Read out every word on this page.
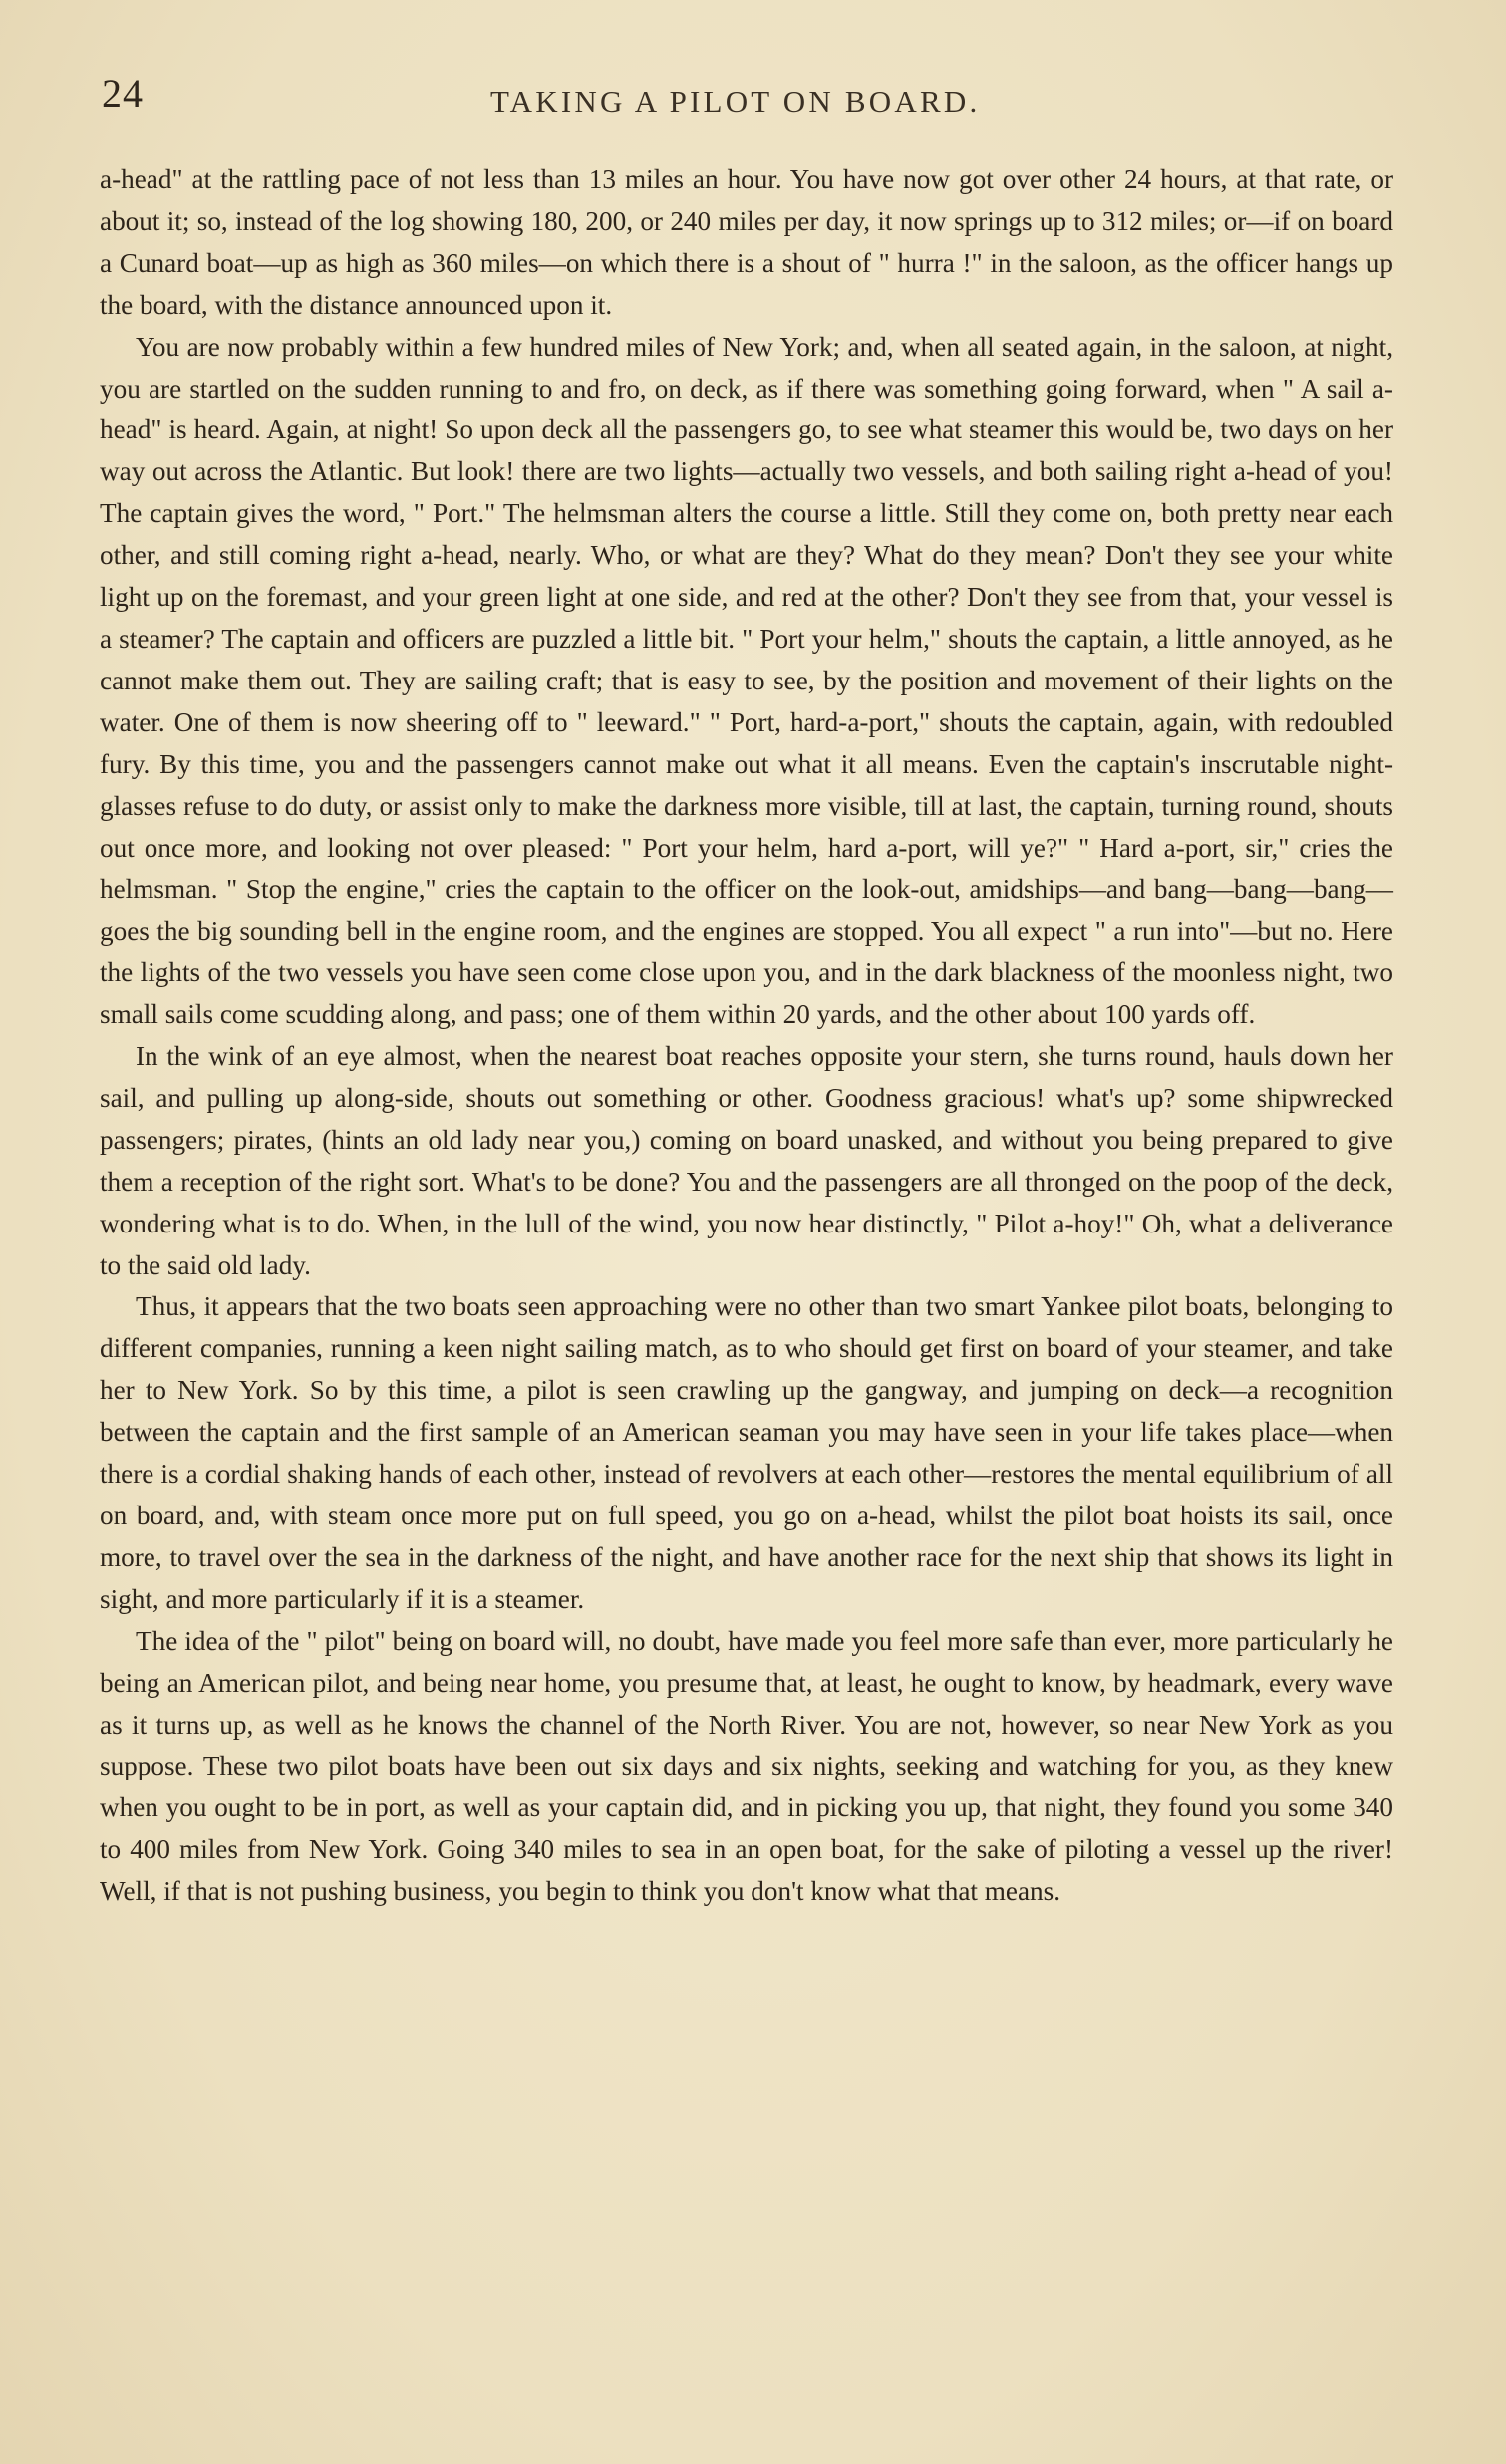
24	TAKING A PILOT ON BOARD.

a-head" at the rattling pace of not less than 13 miles an hour. You have now got over other 24 hours, at that rate, or about it; so, instead of the log showing 180, 200, or 240 miles per day, it now springs up to 312 miles; or—if on board a Cunard boat—up as high as 360 miles—on which there is a shout of " hurra !" in the saloon, as the officer hangs up the board, with the distance announced upon it.

You are now probably within a few hundred miles of New York; and, when all seated again, in the saloon, at night, you are startled on the sudden running to and fro, on deck, as if there was something going forward, when " A sail a-head" is heard. Again, at night! So upon deck all the passengers go, to see what steamer this would be, two days on her way out across the Atlantic. But look! there are two lights—actually two vessels, and both sailing right a-head of you! The captain gives the word, " Port." The helmsman alters the course a little. Still they come on, both pretty near each other, and still coming right a-head, nearly. Who, or what are they? What do they mean? Don't they see your white light up on the foremast, and your green light at one side, and red at the other? Don't they see from that, your vessel is a steamer? The captain and officers are puzzled a little bit. " Port your helm," shouts the captain, a little annoyed, as he cannot make them out. They are sailing craft; that is easy to see, by the position and movement of their lights on the water. One of them is now sheering off to " leeward." " Port, hard-a-port," shouts the captain, again, with redoubled fury. By this time, you and the passengers cannot make out what it all means. Even the captain's inscrutable night-glasses refuse to do duty, or assist only to make the darkness more visible, till at last, the captain, turning round, shouts out once more, and looking not over pleased: " Port your helm, hard a-port, will ye?" " Hard a-port, sir," cries the helmsman. " Stop the engine," cries the captain to the officer on the look-out, amidships—and bang—bang—bang—goes the big sounding bell in the engine room, and the engines are stopped. You all expect " a run into"—but no. Here the lights of the two vessels you have seen come close upon you, and in the dark blackness of the moonless night, two small sails come scudding along, and pass; one of them within 20 yards, and the other about 100 yards off.

In the wink of an eye almost, when the nearest boat reaches opposite your stern, she turns round, hauls down her sail, and pulling up along-side, shouts out something or other. Goodness gracious! what's up? some shipwrecked passengers; pirates, (hints an old lady near you,) coming on board unasked, and without you being prepared to give them a reception of the right sort. What's to be done? You and the passengers are all thronged on the poop of the deck, wondering what is to do. When, in the lull of the wind, you now hear distinctly, " Pilot a-hoy!" Oh, what a deliverance to the said old lady.

Thus, it appears that the two boats seen approaching were no other than two smart Yankee pilot boats, belonging to different companies, running a keen night sailing match, as to who should get first on board of your steamer, and take her to New York. So by this time, a pilot is seen crawling up the gangway, and jumping on deck—a recognition between the captain and the first sample of an American seaman you may have seen in your life takes place—when there is a cordial shaking hands of each other, instead of revolvers at each other—restores the mental equilibrium of all on board, and, with steam once more put on full speed, you go on a-head, whilst the pilot boat hoists its sail, once more, to travel over the sea in the darkness of the night, and have another race for the next ship that shows its light in sight, and more particularly if it is a steamer.

The idea of the " pilot" being on board will, no doubt, have made you feel more safe than ever, more particularly he being an American pilot, and being near home, you presume that, at least, he ought to know, by headmark, every wave as it turns up, as well as he knows the channel of the North River. You are not, however, so near New York as you suppose. These two pilot boats have been out six days and six nights, seeking and watching for you, as they knew when you ought to be in port, as well as your captain did, and in picking you up, that night, they found you some 340 to 400 miles from New York. Going 340 miles to sea in an open boat, for the sake of piloting a vessel up the river! Well, if that is not pushing business, you begin to think you don't know what that means.
